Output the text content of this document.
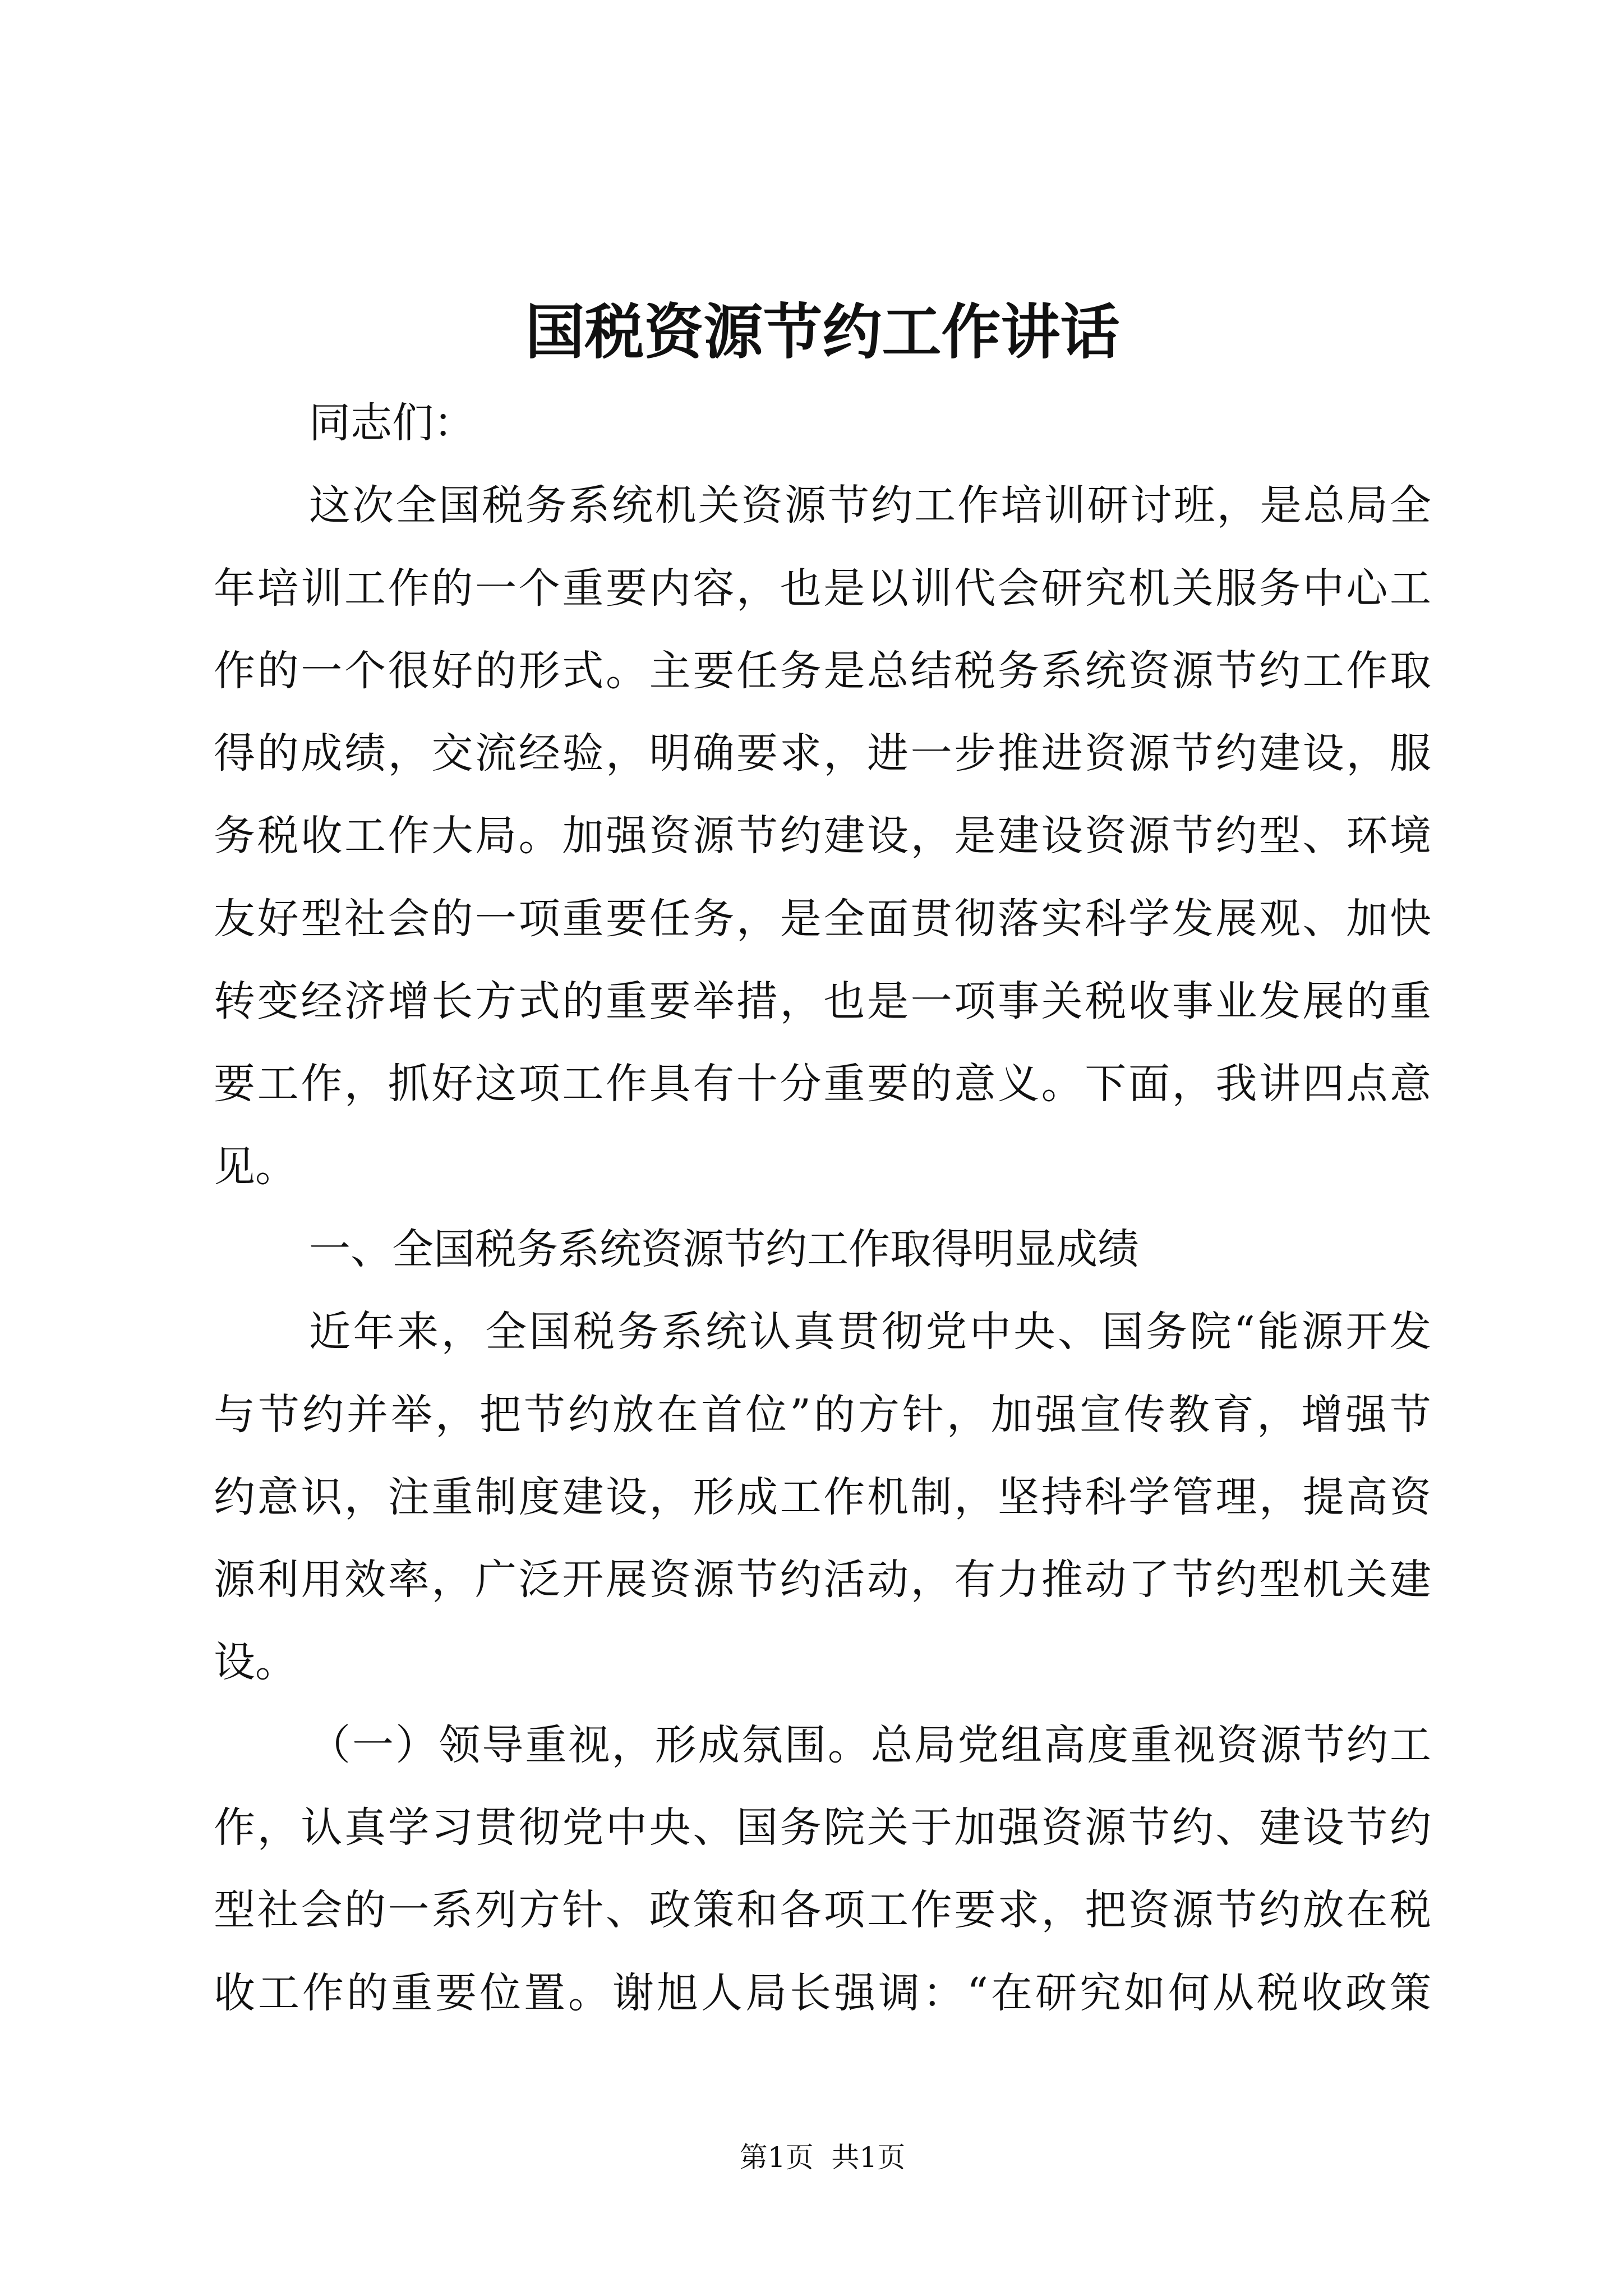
国税资源节约工作讲话
同志们：
这次全国税务系统机关资源节约工作培训研讨班，是总局全
年培训工作的一个重要内容，也是以训代会研究机关服务中心工
作的一个很好的形式。主要任务是总结税务系统资源节约工作取
得的成绩，交流经验，明确要求，进一步推进资源节约建设，服
务税收工作大局。加强资源节约建设，是建设资源节约型、环境
友好型社会的一项重要任务，是全面贯彻落实科学发展观、加快
转变经济增长方式的重要举措，也是一项事关税收事业发展的重
要工作，抓好这项工作具有十分重要的意义。下面，我讲四点意
见。
一、全国税务系统资源节约工作取得明显成绩
近年来，全国税务系统认真贯彻党中央、国务院“能源开发
与节约并举，把节约放在首位”的方针，加强宣传教育，增强节
约意识，注重制度建设，形成工作机制，坚持科学管理，提高资
源利用效率，广泛开展资源节约活动，有力推动了节约型机关建
设。
（一）领导重视，形成氛围。总局党组高度重视资源节约工
作，认真学习贯彻党中央、国务院关于加强资源节约、建设节约
型社会的一系列方针、政策和各项工作要求，把资源节约放在税
收工作的重要位置。谢旭人局长强调：“在研究如何从税收政策
第1页  共1页
